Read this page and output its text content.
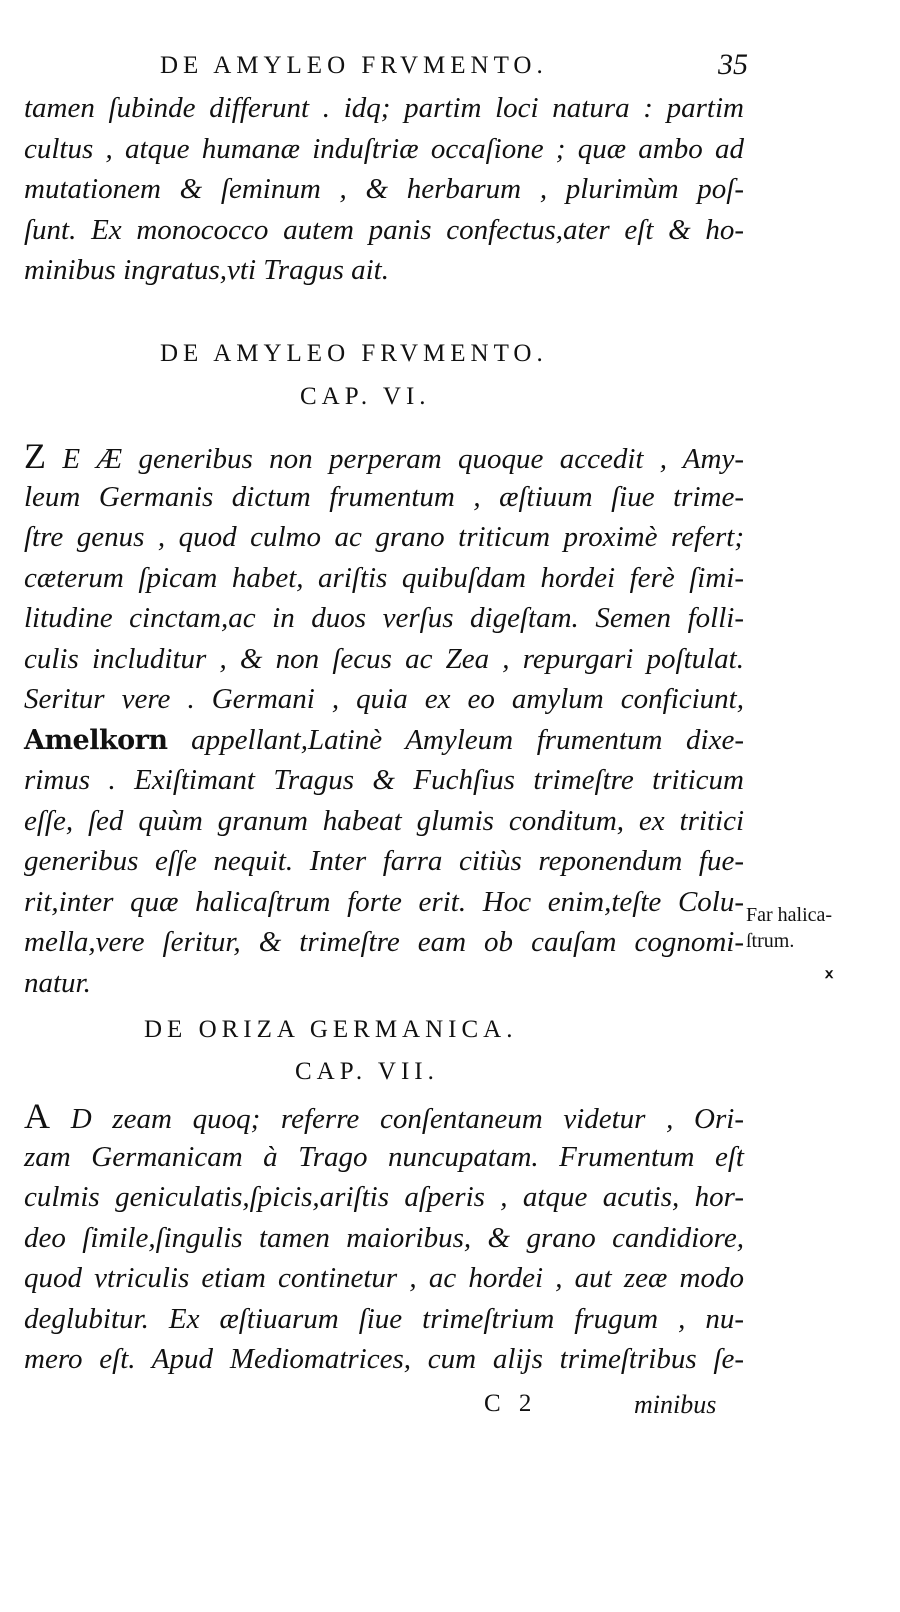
DE AMYLEO FRVMENTO.	35
tamen ſubinde differunt . idq; partim loci natura : partim
cultus , atque humanæ induſtriæ occaſione ; quæ ambo ad
mutationem & ſeminum , & herbarum , plurimùm poſ-
ſunt. Ex monococco autem panis confectus,ater eſt & ho-
minibus ingratus,vti Tragus ait.
DE AMYLEO FRVMENTO.
CAP. VI.
Z E Æ generibus non perperam quoque accedit , Amy-
leum Germanis dictum frumentum , æſtiuum ſiue trime-
ſtre genus , quod culmo ac grano triticum proximè refert;
cæterum ſpicam habet, ariſtis quibuſdam hordei ferè ſimi-
litudine cinctam,ac in duos verſus digeſtam. Semen folli-
culis includitur , & non ſecus ac Zea , repurgari poſtulat.
Seritur vere . Germani , quia ex eo amylum conficiunt,
Amelkorn appellant,Latinè Amyleum frumentum dixe-
rimus . Exiſtimant Tragus & Fuchſius trimeſtre triticum
eſſe, ſed quùm granum habeat glumis conditum, ex tritici
generibus eſſe nequit. Inter farra citiùs reponendum fue-
rit,inter quæ halicaſtrum forte erit. Hoc enim,teſte Colu-
mella,vere ſeritur, & trimeſtre eam ob cauſam cognomi-
natur.
Far halica-
ſtrum.
ⅹ
DE ORIZA GERMANICA.
CAP. VII.
A D zeam quoq; referre conſentaneum videtur , Ori-
zam Germanicam à Trago nuncupatam. Frumentum eſt
culmis geniculatis,ſpicis,ariſtis aſperis , atque acutis, hor-
deo ſimile,ſingulis tamen maioribus, & grano candidiore,
quod vtriculis etiam continetur , ac hordei , aut zeæ modo
deglubitur. Ex æſtiuarum ſiue trimeſtrium frugum , nu-
mero eſt. Apud Mediomatrices, cum alijs trimeſtribus ſe-
C 2	minibus
